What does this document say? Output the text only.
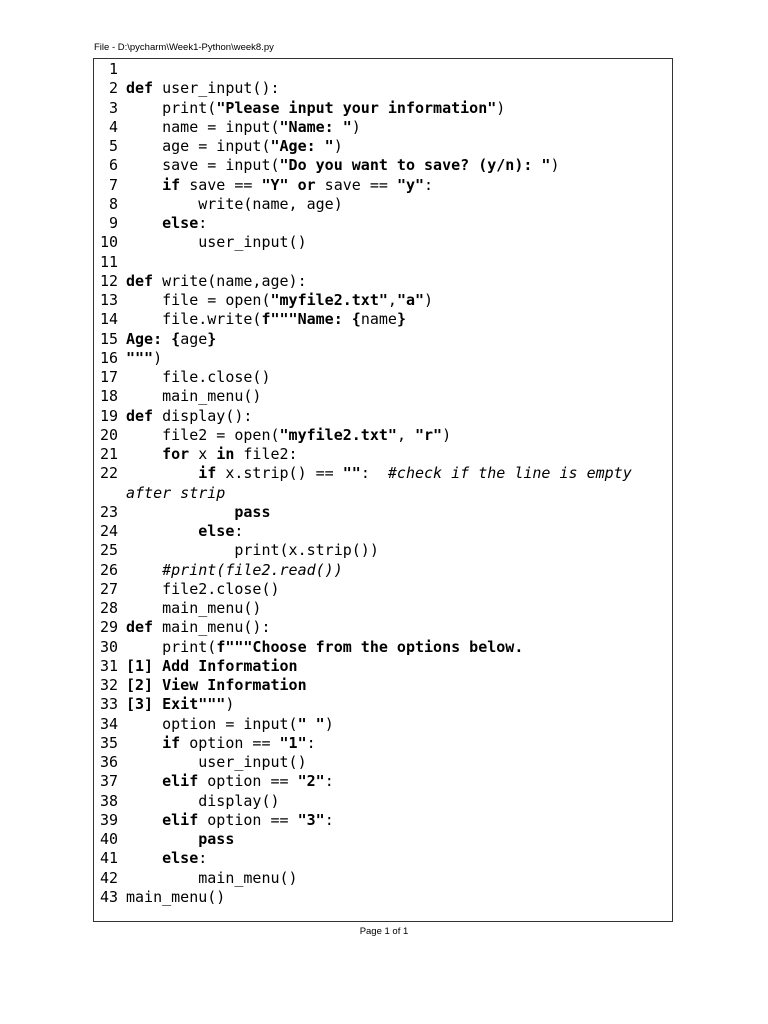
File - D:\pycharm\Week1-Python\week8.py
1
2 def user_input():
3 print("Please input your information")
4 name = input("Name: ")
5 age = input("Age: ")
6 save = input("Do you want to save? (y/n): ")
7	if save == "Y" or save == "y":
8 write(name, age)
9	else:
10 user_input()
11
12 def write(name,age):
13 file = open("myfile2.txt","a")
14 file.write(f"""Name: {name}
15 Age: {age}
16 """)
17 file.close()
18 main_menu()
19 def display():
20 file2 = open("myfile2.txt", "r")
21	for x in file2:
22	if x.strip() == "":  #check if the line is empty after strip
23	pass
24	else:
25 print(x.strip())
26	#print(file2.read())
27 file2.close()
28 main_menu()
29 def main_menu():
30 print(f"""Choose from the options below.
31 [1] Add Information
32 [2] View Information
33 [3] Exit""")
34 option = input(" ")
35	if option == "1":
36 user_input()
37	elif option == "2":
38 display()
39	elif option == "3":
40	pass
41	else:
42 main_menu()
43 main_menu()
Page 1 of 1
